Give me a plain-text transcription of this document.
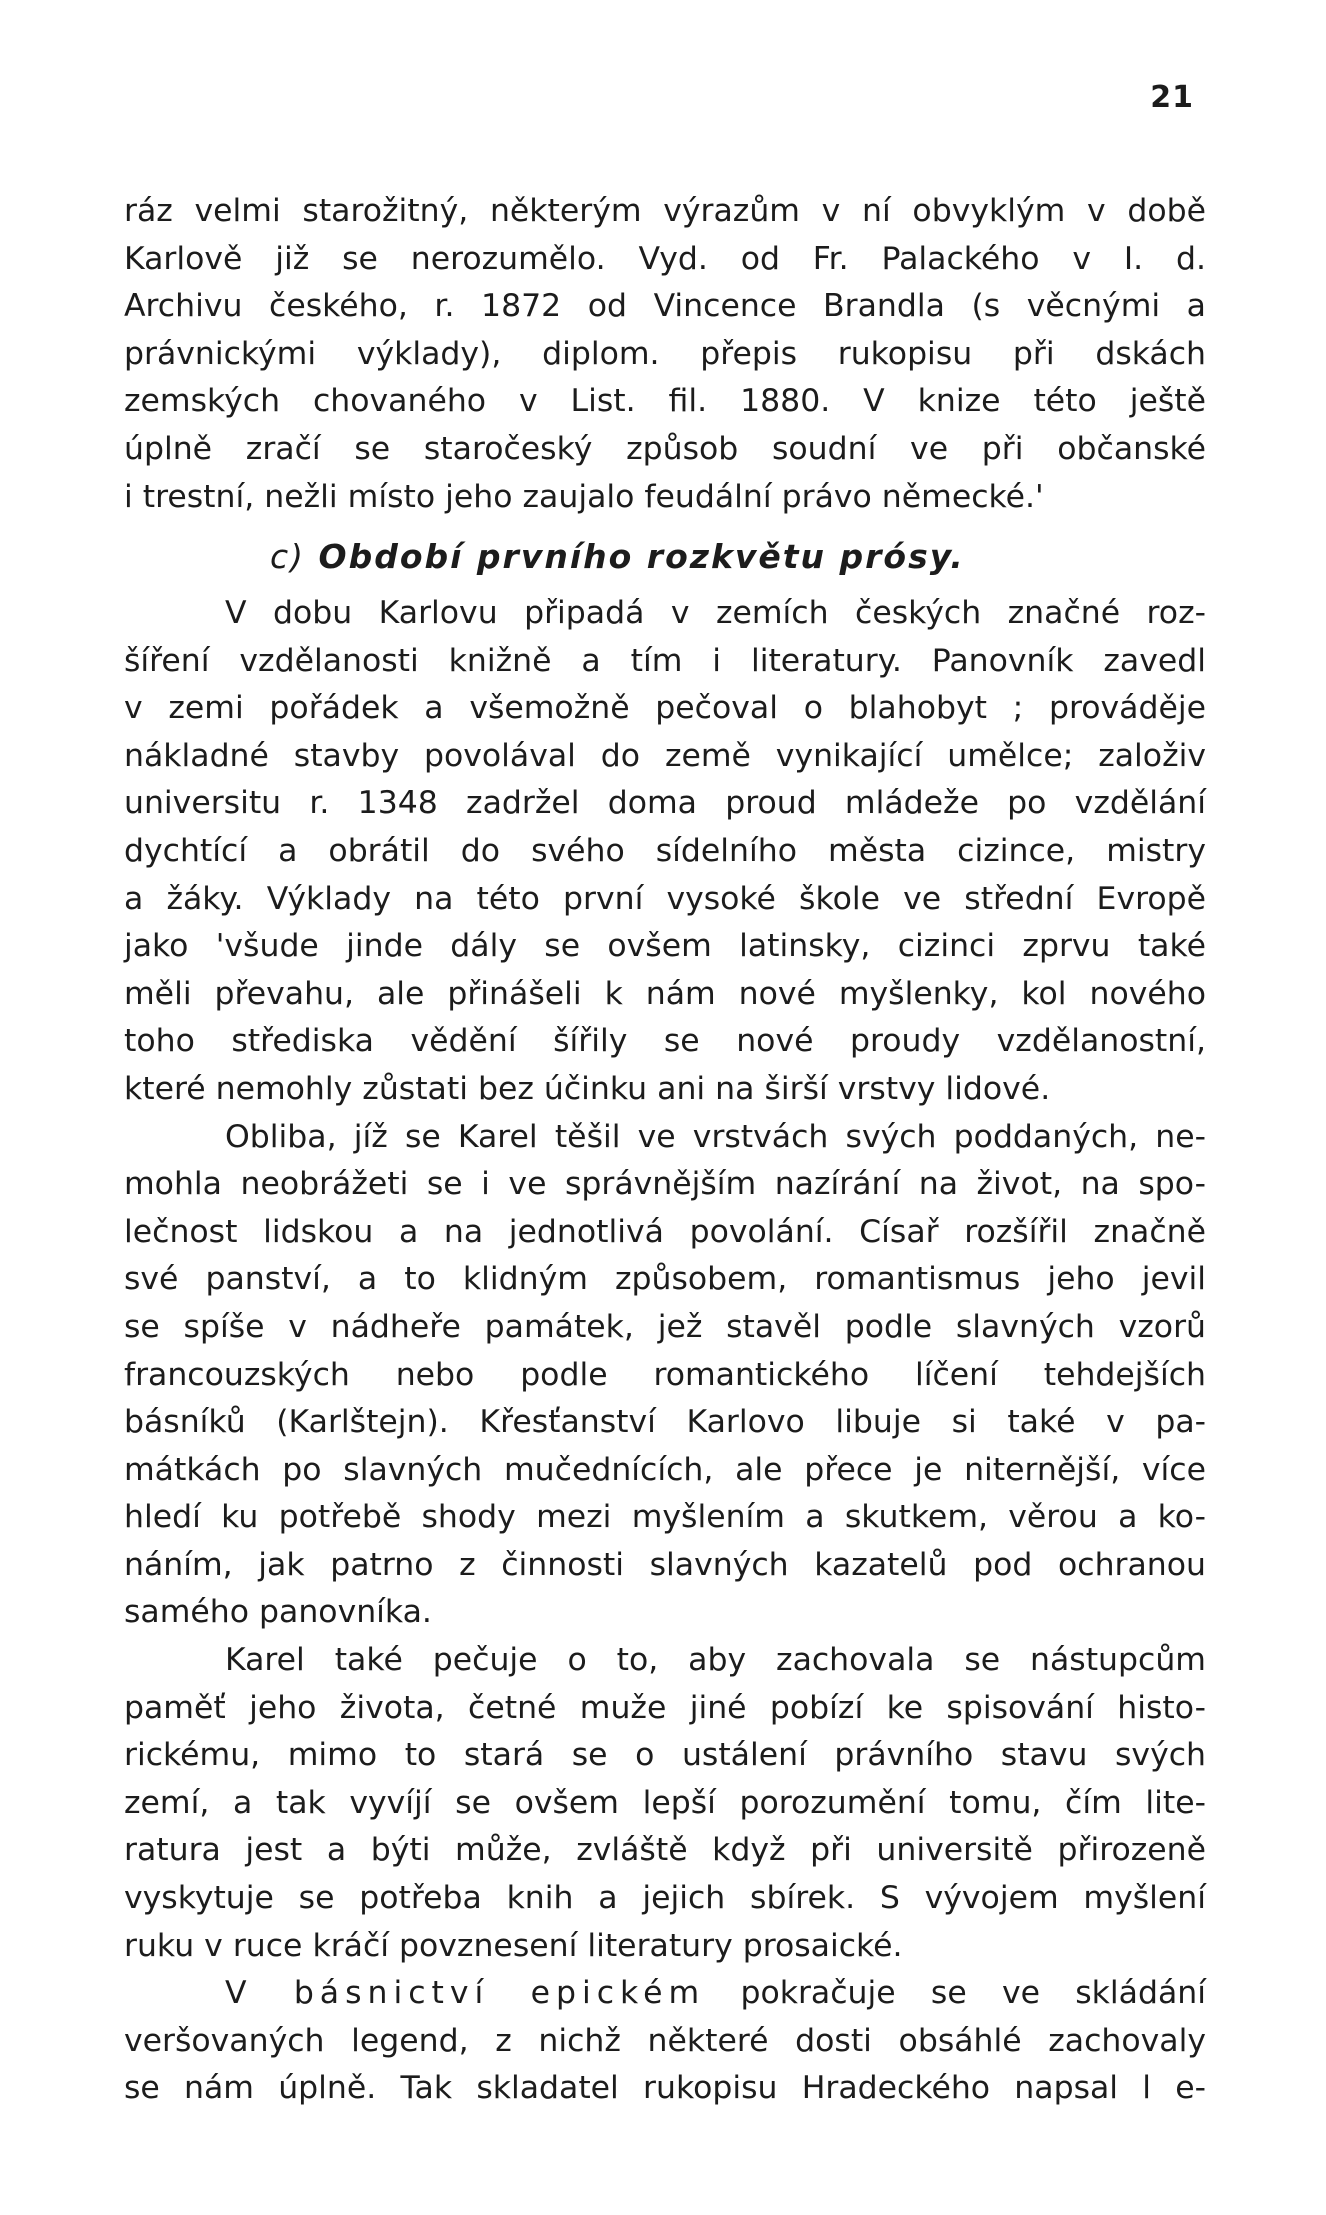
21
ráz velmi starožitný, některým výrazům v ní obvyklým v době
Karlově již se nerozumělo. Vyd. od Fr. Palackého v I. d.
Archivu českého, r. 1872 od Vincence Brandla (s věcnými a
právnickými výklady), diplom. přepis rukopisu při dskách
zemských chovaného v List. fil. 1880. V knize této ještě
úplně zračí se staročeský způsob soudní ve při občanské
i trestní, nežli místo jeho zaujalo feudální právo německé.'
c) Období prvního rozkvětu prósy.
V dobu Karlovu připadá v zemích českých značné roz-
šíření vzdělanosti knižně a tím i literatury. Panovník zavedl
v zemi pořádek a všemožně pečoval o blahobyt ; prováděje
nákladné stavby povolával do země vynikající umělce; založiv
universitu r. 1348 zadržel doma proud mládeže po vzdělání
dychtící a obrátil do svého sídelního města cizince, mistry
a žáky. Výklady na této první vysoké škole ve střední Evropě
jako 'všude jinde dály se ovšem latinsky, cizinci zprvu také
měli převahu, ale přinášeli k nám nové myšlenky, kol nového
toho střediska vědění šířily se nové proudy vzdělanostní,
které nemohly zůstati bez účinku ani na širší vrstvy lidové.
Obliba, jíž se Karel těšil ve vrstvách svých poddaných, ne-
mohla neobrážeti se i ve správnějším nazírání na život, na spo-
lečnost lidskou a na jednotlivá povolání. Císař rozšířil značně
své panství, a to klidným způsobem, romantismus jeho jevil
se spíše v nádheře památek, jež stavěl podle slavných vzorů
francouzských nebo podle romantického líčení tehdejších
básníků (Karlštejn). Křesťanství Karlovo libuje si také v pa-
mátkách po slavných mučednících, ale přece je niternější, více
hledí ku potřebě shody mezi myšlením a skutkem, věrou a ko-
náním, jak patrno z činnosti slavných kazatelů pod ochranou
samého panovníka.
Karel také pečuje o to, aby zachovala se nástupcům
paměť jeho života, četné muže jiné pobízí ke spisování histo-
rickému, mimo to stará se o ustálení právního stavu svých
zemí, a tak vyvíjí se ovšem lepší porozumění tomu, čím lite-
ratura jest a býti může, zvláště když při universitě přirozeně
vyskytuje se potřeba knih a jejich sbírek. S vývojem myšlení
ruku v ruce kráčí povznesení literatury prosaické.
V básnictví epickém pokračuje se ve skládání
veršovaných legend, z nichž některé dosti obsáhlé zachovaly
se nám úplně. Tak skladatel rukopisu Hradeckého napsal l e-
